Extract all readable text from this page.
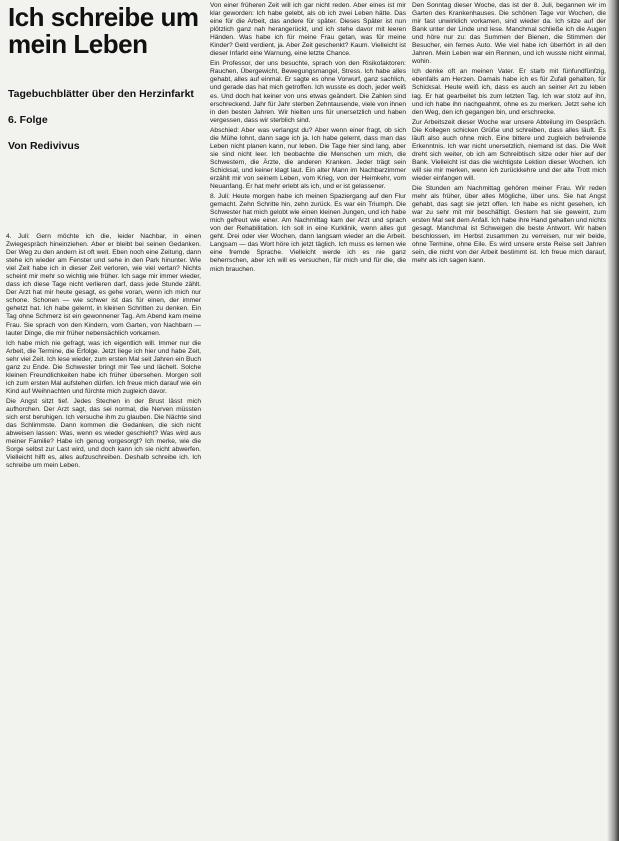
Ich schreibe um mein Leben
Tagebuchblätter über den Herzinfarkt
6. Folge
Von Redivivus

4. Juli: Gern möchte ich die, leider Nachbar, in einen Zwiegespräch hineinziehen. Aber er bleibt bei seinen Gedanken. Der Weg zu den andern ist oft weit. Eben noch eine Zeitung, dann stehe ich wieder am Fenster und sehe in den Park hinunter. Wie viel Zeit habe ich in dieser Zeit verloren, wie viel vertan? Nichts scheint mir mehr so wichtig wie früher. Ich sage mir immer wieder, dass ich diese Tage nicht verlieren darf, dass jede Stunde zählt. Der Arzt hat mir heute gesagt, es gehe voran, wenn ich mich nur schone. Schonen — wie schwer ist das für einen, der immer gehetzt hat. Ich habe gelernt, in kleinen Schritten zu denken. Ein Tag ohne Schmerz ist ein gewonnener Tag. Am Abend kam meine Frau. Sie sprach von den Kindern, vom Garten, von Nachbarn — lauter Dinge, die mir früher nebensächlich vorkamen.

Ich habe mich nie gefragt, was ich eigentlich will. Immer nur die Arbeit, die Termine, die Erfolge. Jetzt liege ich hier und habe Zeit, sehr viel Zeit. Ich lese wieder, zum ersten Mal seit Jahren ein Buch ganz zu Ende. Die Schwester bringt mir Tee und lächelt. Solche kleinen Freundlichkeiten habe ich früher übersehen. Morgen soll ich zum ersten Mal aufstehen dürfen. Ich freue mich darauf wie ein Kind auf Weihnachten und fürchte mich zugleich davor.

Die Angst sitzt tief. Jedes Stechen in der Brust lässt mich aufhorchen. Der Arzt sagt, das sei normal, die Nerven müssten sich erst beruhigen. Ich versuche ihm zu glauben. Die Nächte sind das Schlimmste. Dann kommen die Gedanken, die sich nicht abweisen lassen: Was, wenn es wieder geschieht? Was wird aus meiner Familie? Habe ich genug vorgesorgt? Ich merke, wie die Sorge selbst zur Last wird, und doch kann ich sie nicht abwerfen. Vielleicht hilft es, alles aufzuschreiben. Deshalb schreibe ich. Ich schreibe um mein Leben.

Von einer früheren Zeit will ich gar nicht reden. Aber eines ist mir klar geworden: Ich habe gelebt, als ob ich zwei Leben hätte. Das eine für die Arbeit, das andere für später. Dieses Später ist nun plötzlich ganz nah herangerückt, und ich stehe davor mit leeren Händen. Was habe ich für meine Frau getan, was für meine Kinder? Geld verdient, ja. Aber Zeit geschenkt? Kaum. Vielleicht ist dieser Infarkt eine Warnung, eine letzte Chance.

Ein Professor, der uns besuchte, sprach von den Risikofaktoren: Rauchen, Übergewicht, Bewegungsmangel, Stress. Ich habe alles gehabt, alles auf einmal. Er sagte es ohne Vorwurf, ganz sachlich, und gerade das hat mich getroffen. Ich wusste es doch, jeder weiß es. Und doch hat keiner von uns etwas geändert. Die Zahlen sind erschreckend. Jahr für Jahr sterben Zehntausende, viele von ihnen in den besten Jahren. Wir hielten uns für unersetzlich und haben vergessen, dass wir sterblich sind.

Abschied: Aber was verlangst du? Aber wenn einer fragt, ob sich die Mühe lohnt, dann sage ich ja. Ich habe gelernt, dass man das Leben nicht planen kann, nur leben. Die Tage hier sind lang, aber sie sind nicht leer. Ich beobachte die Menschen um mich, die Schwestern, die Ärzte, die anderen Kranken. Jeder trägt sein Schicksal, und keiner klagt laut. Ein alter Mann im Nachbarzimmer erzählt mir von seinem Leben, vom Krieg, von der Heimkehr, vom Neuanfang. Er hat mehr erlebt als ich, und er ist gelassener.

8. Juli: Heute morgen habe ich meinen Spaziergang auf den Flur gemacht. Zehn Schritte hin, zehn zurück. Es war ein Triumph. Die Schwester hat mich gelobt wie einen kleinen Jungen, und ich habe mich gefreut wie einer. Am Nachmittag kam der Arzt und sprach von der Rehabilitation. Ich soll in eine Kurklinik, wenn alles gut geht. Drei oder vier Wochen, dann langsam wieder an die Arbeit. Langsam — das Wort höre ich jetzt täglich. Ich muss es lernen wie eine fremde Sprache. Vielleicht werde ich es nie ganz beherrschen, aber ich will es versuchen, für mich und für die, die mich brauchen.

Den Sonntag dieser Woche, das ist der 8. Juli, begannen wir im Garten des Krankenhauses. Die schönen Tage vor Wochen, die mir fast unwirklich vorkamen, sind wieder da. Ich sitze auf der Bank unter der Linde und lese. Manchmal schließe ich die Augen und höre nur zu: das Summen der Bienen, die Stimmen der Besucher, ein fernes Auto. Wie viel habe ich überhört in all den Jahren. Mein Leben war ein Rennen, und ich wusste nicht einmal, wohin.

Ich denke oft an meinen Vater. Er starb mit fünfundfünfzig, ebenfalls am Herzen. Damals habe ich es für Zufall gehalten, für Schicksal. Heute weiß ich, dass es auch an seiner Art zu leben lag. Er hat gearbeitet bis zum letzten Tag. Ich war stolz auf ihn, und ich habe ihn nachgeahmt, ohne es zu merken. Jetzt sehe ich den Weg, den ich gegangen bin, und erschrecke.

Zur Arbeitszeit dieser Woche war unsere Abteilung im Gespräch. Die Kollegen schicken Grüße und schreiben, dass alles läuft. Es läuft also auch ohne mich. Eine bittere und zugleich befreiende Erkenntnis. Ich war nicht unersetzlich, niemand ist das. Die Welt dreht sich weiter, ob ich am Schreibtisch sitze oder hier auf der Bank. Vielleicht ist das die wichtigste Lektion dieser Wochen. Ich will sie mir merken, wenn ich zurückkehre und der alte Trott mich wieder einfangen will.

Die Stunden am Nachmittag gehören meiner Frau. Wir reden mehr als früher, über alles Mögliche, über uns. Sie hat Angst gehabt, das sagt sie jetzt offen. Ich habe es nicht gesehen, ich war zu sehr mit mir beschäftigt. Gestern hat sie geweint, zum ersten Mal seit dem Anfall. Ich habe ihre Hand gehalten und nichts gesagt. Manchmal ist Schweigen die beste Antwort. Wir haben beschlossen, im Herbst zusammen zu verreisen, nur wir beide, ohne Termine, ohne Eile. Es wird unsere erste Reise seit Jahren sein, die nicht von der Arbeit bestimmt ist. Ich freue mich darauf, mehr als ich sagen kann.
